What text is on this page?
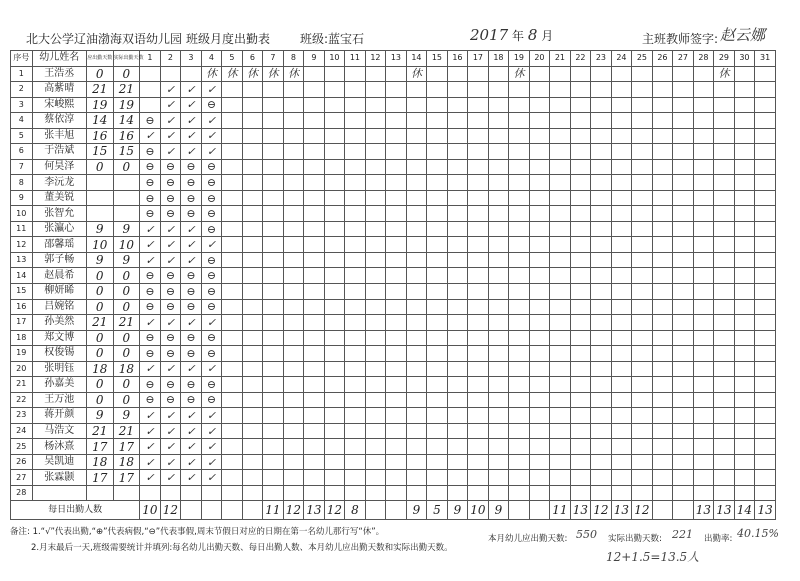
北大公学辽油渤海双语幼儿园 班级月度出勤表 班级:蓝宝石	2017 年 8 月	主班教师签字: 赵云娜
序号	幼儿姓名	应出勤天数	实际出勤天数	1	2	3	4	5	6	7	8	9	10	11	12	13	14	15	16	17	18	19	20	21	22	23	24	25	26	27	28	29	30	31
1	王浩丞	0	0				休	休	休	休	休						休					休										休		
2	高紫晴	21	21		✓	✓	✓																											
3	宋峻熙	19	19		✓	✓	⊖																											
4	蔡依淳	14	14	⊖	✓	✓	✓																											
5	张丰旭	16	16	✓	✓	✓	✓																											
6	于浩斌	15	15	⊖	✓	✓	✓																											
7	何昊泽	0	0	⊖	⊖	⊖	⊖																											
8	李沅龙			⊖	⊖	⊖	⊖																											
9	董美锐			⊖	⊖	⊖	⊖																											
10	张智允			⊖	⊖	⊖	⊖																											
11	张瀛心	9	9	✓	✓	✓	⊖																											
12	邵馨瑶	10	10	✓	✓	✓	✓																											
13	郭子畅	9	9	✓	✓	✓	⊖																											
14	赵晨希	0	0	⊖	⊖	⊖	⊖																											
15	柳妍睎	0	0	⊖	⊖	⊖	⊖																											
16	吕婉铭	0	0	⊖	⊖	⊖	⊖																											
17	孙美然	21	21	✓	✓	✓	✓																											
18	郑文博	0	0	⊖	⊖	⊖	⊖																											
19	权俊锡	0	0	⊖	⊖	⊖	⊖																											
20	张明钰	18	18	✓	✓	✓	✓																											
21	孙嘉美	0	0	⊖	⊖	⊖	⊖																											
22	王万池	0	0	⊖	⊖	⊖	⊖																											
23	蒋开颜	9	9	✓	✓	✓	✓																											
24	马浩文	21	21	✓	✓	✓	✓																											
25	杨沐熹	17	17	✓	✓	✓	✓																											
26	吴凯迪	18	18	✓	✓	✓	✓																											
27	张霖颢	17	17	✓	✓	✓	✓																											
28																																		
每日出勤人数				10	12					11	12	13	12	8			9	5	9	10	9			11	13	12	13	12			13	13	14	13
备注: 1.“√”代表出勤,“⊕”代表病假,“⊖”代表事假,周末节假日对应的日期在第一名幼儿那行写“休”。
2.月末最后一天,班级需要统计并填列:每名幼儿出勤天数、每日出勤人数、本月幼儿应出勤天数和实际出勤天数。
本月幼儿应出勤天数: 550 实际出勤天数: 221 出勤率: 40.15%
12+1.5=13.5人
